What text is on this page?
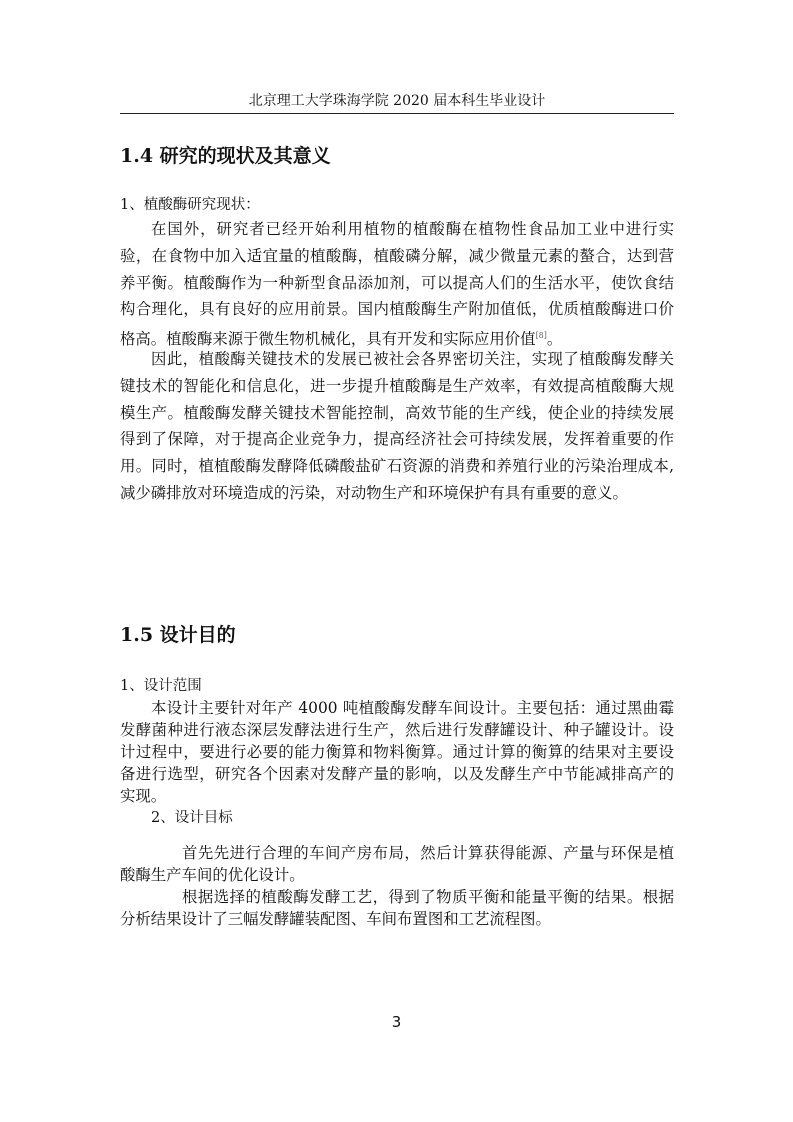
北京理工大学珠海学院 2020 届本科生毕业设计
1.4 研究的现状及其意义
1、植酸酶研究现状：
在国外，研究者已经开始利用植物的植酸酶在植物性食品加工业中进行实验，在食物中加入适宜量的植酸酶，植酸磷分解，减少微量元素的螯合，达到营养平衡。植酸酶作为一种新型食品添加剂，可以提高人们的生活水平，使饮食结构合理化，具有良好的应用前景。国内植酸酶生产附加值低，优质植酸酶进口价格高。植酸酶来源于微生物机械化，具有开发和实际应用价值[8]。
因此，植酸酶关键技术的发展已被社会各界密切关注，实现了植酸酶发酵关键技术的智能化和信息化，进一步提升植酸酶是生产效率，有效提高植酸酶大规模生产。植酸酶发酵关键技术智能控制，高效节能的生产线，使企业的持续发展得到了保障，对于提高企业竞争力，提高经济社会可持续发展，发挥着重要的作用。同时，植植酸酶发酵降低磷酸盐矿石资源的消费和养殖行业的污染治理成本,减少磷排放对环境造成的污染，对动物生产和环境保护有具有重要的意义。
1.5 设计目的
1、设计范围
本设计主要针对年产 4000 吨植酸酶发酵车间设计。主要包括：通过黑曲霉发酵菌种进行液态深层发酵法进行生产，然后进行发酵罐设计、种子罐设计。设计过程中，要进行必要的能力衡算和物料衡算。通过计算的衡算的结果对主要设备进行选型，研究各个因素对发酵产量的影响，以及发酵生产中节能减排高产的实现。
2、设计目标
首先先进行合理的车间产房布局，然后计算获得能源、产量与环保是植酸酶生产车间的优化设计。
根据选择的植酸酶发酵工艺，得到了物质平衡和能量平衡的结果。根据分析结果设计了三幅发酵罐装配图、车间布置图和工艺流程图。
3
